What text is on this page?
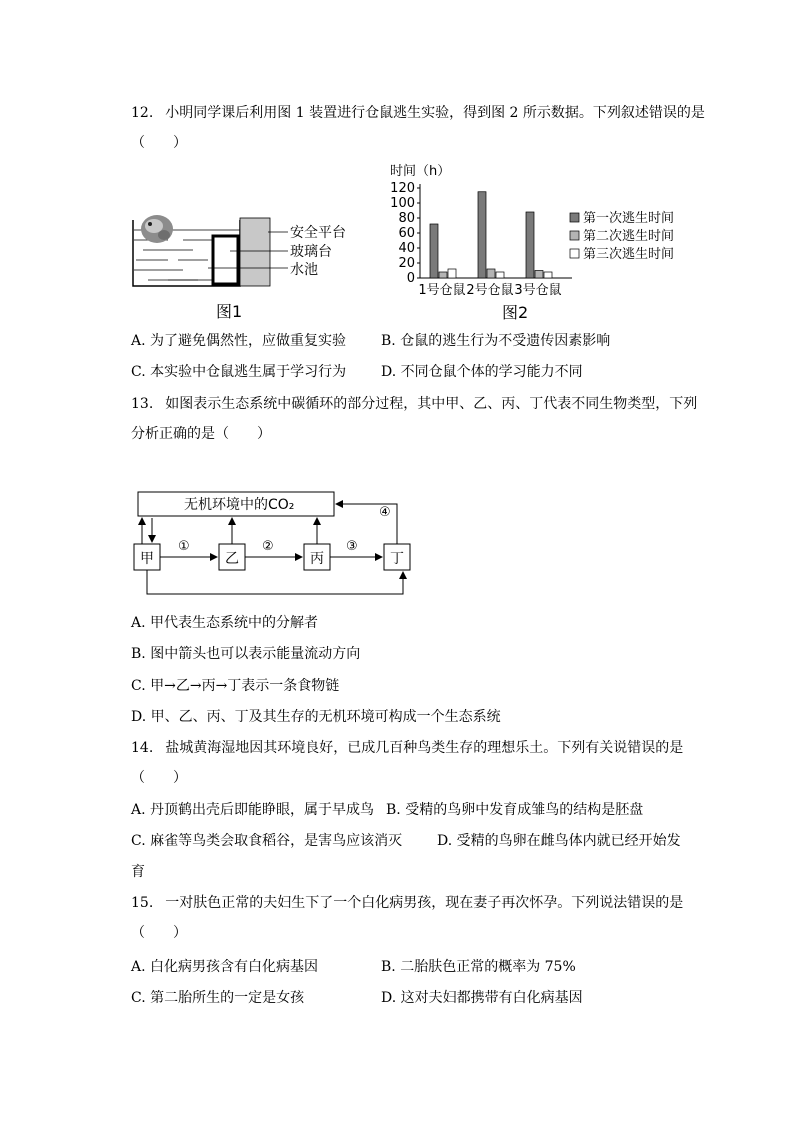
12. 小明同学课后利用图 1 装置进行仓鼠逃生实验，得到图 2 所示数据。下列叙述错误的是
（　　）
安全平台
玻璃台
水池
图1
时间（h）
120
100
80
60
40
20
0
1号仓鼠 2号仓鼠 3号仓鼠
第一次逃生时间
第二次逃生时间
第三次逃生时间
图2
A. 为了避免偶然性，应做重复实验 B. 仓鼠的逃生行为不受遗传因素影响
C. 本实验中仓鼠逃生属于学习行为 D. 不同仓鼠个体的学习能力不同
13. 如图表示生态系统中碳循环的部分过程，其中甲、乙、丙、丁代表不同生物类型，下列
分析正确的是（　　）
无机环境中的CO₂
甲	乙	丙	丁
①	②	③
④
A. 甲代表生态系统中的分解者
B. 图中箭头也可以表示能量流动方向
C. 甲→乙→丙→丁表示一条食物链
D. 甲、乙、丙、丁及其生存的无机环境可构成一个生态系统
14. 盐城黄海湿地因其环境良好，已成几百种鸟类生存的理想乐土。下列有关说错误的是
（　　）
A. 丹顶鹤出壳后即能睁眼，属于早成鸟 B. 受精的鸟卵中发育成雏鸟的结构是胚盘
C. 麻雀等鸟类会取食稻谷，是害鸟应该消灭 D. 受精的鸟卵在雌鸟体内就已经开始发
育
15. 一对肤色正常的夫妇生下了一个白化病男孩，现在妻子再次怀孕。下列说法错误的是
（　　）
A. 白化病男孩含有白化病基因	B. 二胎肤色正常的概率为 75%
C. 第二胎所生的一定是女孩	D. 这对夫妇都携带有白化病基因
